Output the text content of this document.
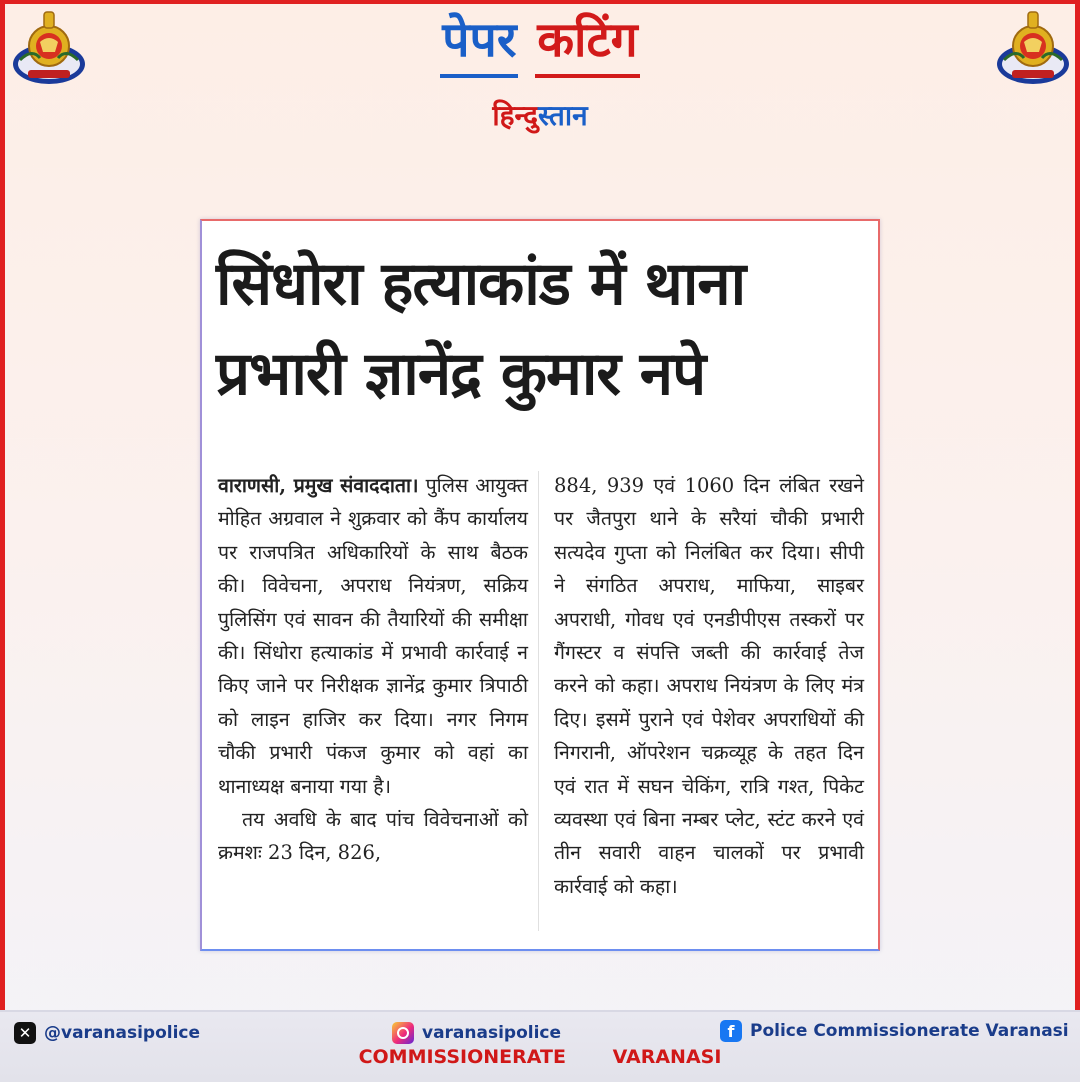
पेपर कटिंग
हिन्दुस्तान
सिंधोरा हत्याकांड में थाना प्रभारी ज्ञानेंद्र कुमार नपे

वाराणसी, प्रमुख संवाददाता। पुलिस आयुक्त मोहित अग्रवाल ने शुक्रवार को कैंप कार्यालय पर राजपत्रित अधिकारियों के साथ बैठक की। विवेचना, अपराध नियंत्रण, सक्रिय पुलिसिंग एवं सावन की तैयारियों की समीक्षा की। सिंधोरा हत्याकांड में प्रभावी कार्रवाई न किए जाने पर निरीक्षक ज्ञानेंद्र कुमार त्रिपाठी को लाइन हाजिर कर दिया। नगर निगम चौकी प्रभारी पंकज कुमार को वहां का थानाध्यक्ष बनाया गया है।

तय अवधि के बाद पांच विवेचनाओं को क्रमशः 23 दिन, 826,

884, 939 एवं 1060 दिन लंबित रखने पर जैतपुरा थाने के सरैयां चौकी प्रभारी सत्यदेव गुप्ता को निलंबित कर दिया। सीपी ने संगठित अपराध, माफिया, साइबर अपराधी, गोवध एवं एनडीपीएस तस्करों पर गैंगस्टर व संपत्ति जब्ती की कार्रवाई तेज करने को कहा। अपराध नियंत्रण के लिए मंत्र दिए। इसमें पुराने एवं पेशेवर अपराधियों की निगरानी, ऑपरेशन चक्रव्यूह के तहत दिन एवं रात में सघन चेकिंग, रात्रि गश्त, पिकेट व्यवस्था एवं बिना नम्बर प्लेट, स्टंट करने एवं तीन सवारी वाहन चालकों पर प्रभावी कार्रवाई को कहा।

✕ @varanasipolice	varanasipolice	f Police Commissionerate Varanasi
COMMISSIONERATE VARANASI
